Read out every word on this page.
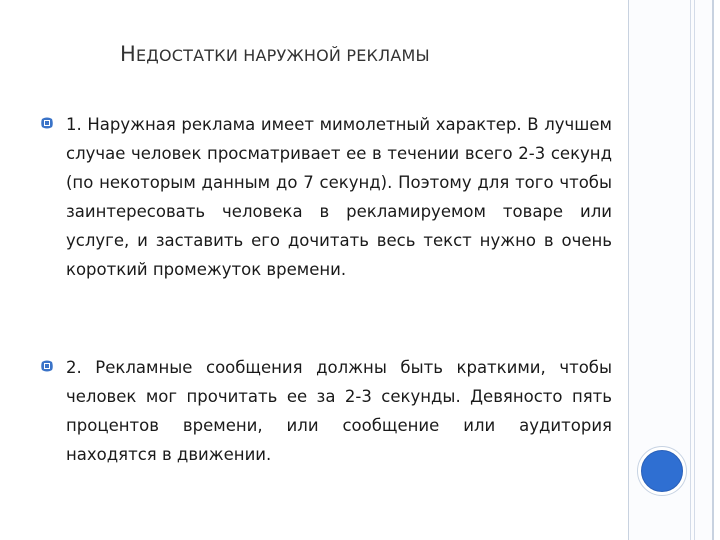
НЕДОСТАТКИ НАРУЖНОЙ РЕКЛАМЫ
1. Наружная реклама имеет мимолетный характер. В лучшем случае человек просматривает ее в течении всего 2-3 секунд (по некоторым данным до 7 секунд). Поэтому для того чтобы заинтересовать человека в рекламируемом товаре или услуге, и заставить его дочитать весь текст нужно в очень короткий промежуток времени.
2. Рекламные сообщения должны быть краткими, чтобы человек мог прочитать ее за 2-3 секунды. Девяносто пять процентов времени, или сообщение или аудитория находятся в движении.
